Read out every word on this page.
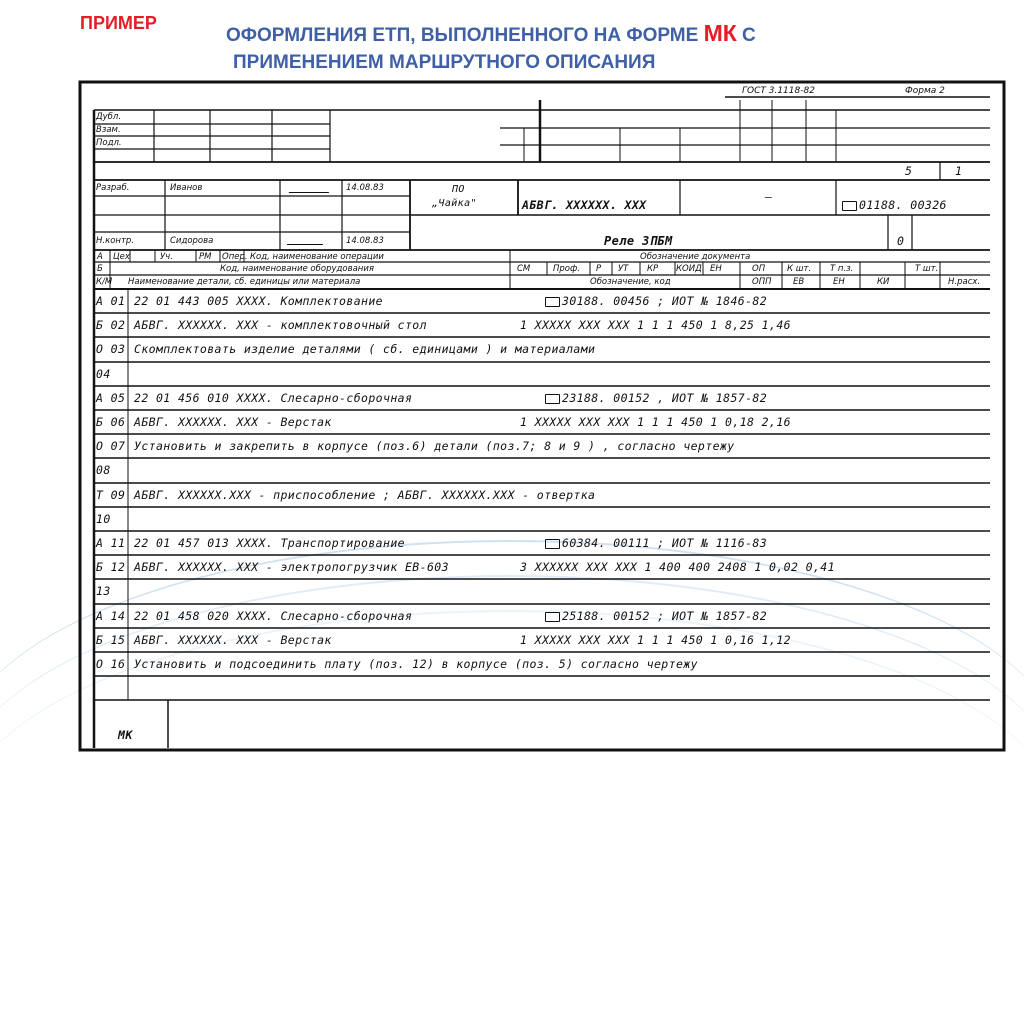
ПРИМЕР
ОФОРМЛЕНИЯ ЕТП, ВЫПОЛНЕННОГО НА ФОРМЕ МК С
ПРИМЕНЕНИЕМ МАРШРУТНОГО ОПИСАНИЯ
ГОСТ 3.1118-82	Форма 2
Дубл.
Взам.
Подл.
5	1
Разраб.	Иванов	14.08.83
Н.контр.	Сидорова	14.08.83
ПО
„Чайка"	АБВГ. ХХХХХХ. ХХХ
—
01188. 00326
Реле ЗПБМ	0
А Цех	Уч.	РМ Опер. Код, наименование операции	Обозначение документа
Б	Код, наименование оборудования	СМ	Проф. Р УТ КР КОИД ЕН	ОП	К шт. Т п.з.	Т шт.
К/М Наименование детали, сб. единицы или материала	Обозначение, код	ОПП	ЕВ	ЕН	КИ	Н.расх.
А 01 22 01 443 005 ХХХХ. Комплектование	30188. 00456 ; ИОТ № 1846-82
Б 02 АБВГ. ХХХХХХ. ХХХ - комплектовочный стол	1 ХХХХХ ХХХ ХХХ 1 1 1 450 1 8,25 1,46
О 03 Скомплектовать изделие деталями ( сб. единицами ) и материалами
04
А 05 22 01 456 010 ХХХХ. Слесарно-сборочная	23188. 00152 , ИОТ № 1857-82
Б 06 АБВГ. ХХХХХХ. ХХХ - Верстак	1 ХХХХХ ХХХ ХХХ 1 1 1 450 1 0,18 2,16
О 07 Установить и закрепить в корпусе (поз.6) детали (поз.7; 8 и 9 ) , согласно чертежу
08
Т 09 АБВГ. ХХХХХХ.ХХХ - приспособление ; АБВГ. ХХХХХХ.ХХХ - отвертка
10
А 11 22 01 457 013 ХХХХ. Транспортирование	60384. 00111 ; ИОТ № 1116-83
Б 12 АБВГ. ХХХХХХ. ХХХ - электропогрузчик ЕВ-603	3 ХХХХХХ ХХХ ХХХ 1 400 400 2408 1 0,02 0,41
13
А 14 22 01 458 020 ХХХХ. Слесарно-сборочная	25188. 00152 ; ИОТ № 1857-82
Б 15 АБВГ. ХХХХХХ. ХХХ - Верстак	1 ХХХХХ ХХХ ХХХ 1 1 1 450 1 0,16 1,12
О 16 Установить и подсоединить плату (поз. 12) в корпусе (поз. 5) согласно чертежу
МК
